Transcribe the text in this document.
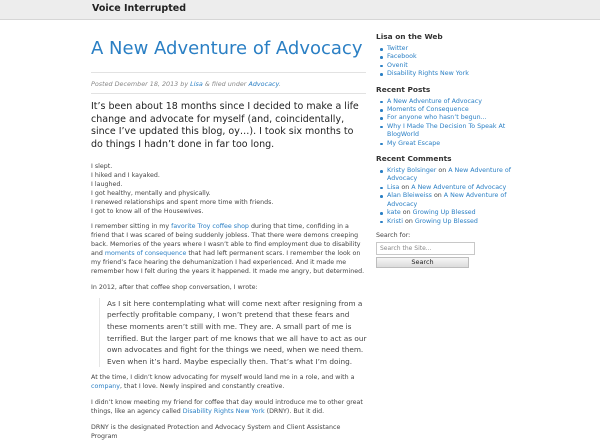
Voice Interrupted
A New Adventure of Advocacy
Posted December 18, 2013 by Lisa & filed under Advocacy.

It’s been about 18 months since I decided to make a life change and advocate for myself (and, coincidentally, since I’ve updated this blog, oy…). I took six months to do things I hadn’t done in far too long.

I slept.

I hiked and I kayaked.

I laughed.

I got healthy, mentally and physically.

I renewed relationships and spent more time with friends.

I got to know all of the Housewives.

I remember sitting in my favorite Troy coffee shop during that time, confiding in a friend that I was scared of being suddenly jobless. That there were demons creeping back. Memories of the years where I wasn’t able to find employment due to disability and moments of consequence that had left permanent scars. I remember the look on my friend’s face hearing the dehumanization I had experienced. And it made me remember how I felt during the years it happened. It made me angry, but determined.

In 2012, after that coffee shop conversation, I wrote:

As I sit here contemplating what will come next after resigning from a perfectly profitable company, I won’t pretend that these fears and these moments aren’t still with me. They are. A small part of me is terrified. But the larger part of me knows that we all have to act as our own advocates and fight for the things we need, when we need them. Even when it’s hard. Maybe especially then. That’s what I’m doing.

At the time, I didn’t know advocating for myself would land me in a role, and with a company, that I love. Newly inspired and constantly creative.

I didn’t know meeting my friend for coffee that day would introduce me to other great things, like an agency called Disability Rights New York (DRNY). But it did.

DRNY is the designated Protection and Advocacy System and Client Assistance Program

Lisa on the Web
Twitter
Facebook
Ovenit
Disability Rights New York
Recent Posts
A New Adventure of Advocacy
Moments of Consequence
For anyone who hasn’t begun...
Why I Made The Decision To Speak At BlogWorld
My Great Escape
Recent Comments
Kristy Bolsinger on A New Adventure of Advocacy
Lisa on A New Adventure of Advocacy
Alan Bleiweiss on A New Adventure of Advocacy
kate on Growing Up Blessed
Kristi on Growing Up Blessed
Search for:
Search the Site...
Search
